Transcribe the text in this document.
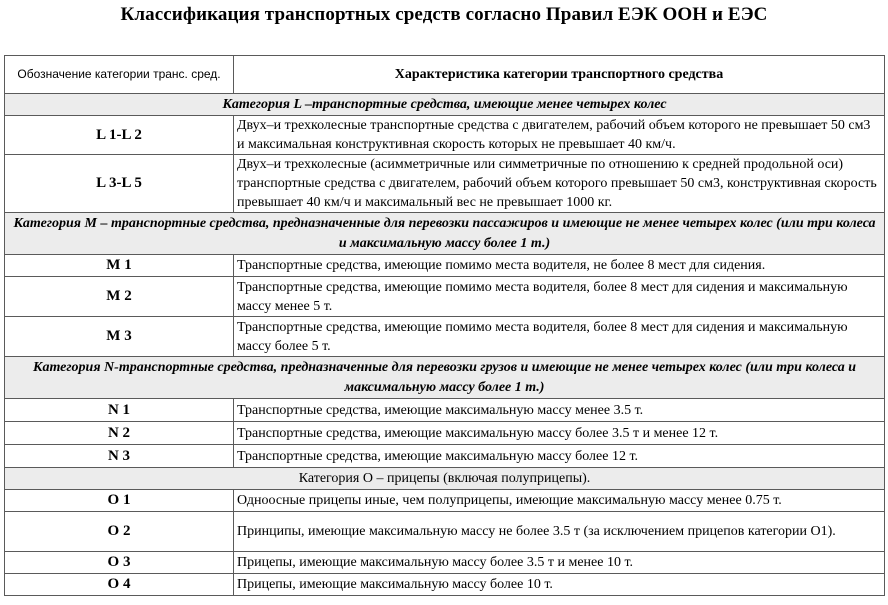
Классификация транспортных средств согласно Правил ЕЭК ООН и ЕЭС
Обозначение категории транс. сред.	Характеристика категории транспортного средства
Категория L –транспортные средства, имеющие менее четырех колес	
L 1-L 2	Двух–и трехколесные транспортные средства с двигателем, рабочий объем которого не превышает 50 см3 и максимальная конструктивная скорость которых не превышает 40 км/ч.
L 3-L 5	Двух–и трехколесные (асимметричные или симметричные по отношению к средней продольной оси) транспортные средства с двигателем, рабочий объем которого превышает 50 см3, конструктивная скорость превышает 40 км/ч и максимальный вес не превышает 1000 кг.
Категория М – транспортные средства, предназначенные для перевозки пассажиров и имеющие не менее четырех колес (или три колеса и максимальную массу более 1 т.)	
М 1	Транспортные средства, имеющие помимо места водителя, не более 8 мест для сидения.
М 2	Транспортные средства, имеющие помимо места водителя, более 8 мест для сидения и максимальную массу менее 5 т.
М 3	Транспортные средства, имеющие помимо места водителя, более 8 мест для сидения и максимальную массу более 5 т.
Категория N-транспортные средства, предназначенные для перевозки грузов и имеющие не менее четырех колес (или три колеса и максимальную массу более 1 т.)	
N 1	Транспортные средства, имеющие максимальную массу менее 3.5 т.
N 2	Транспортные средства, имеющие максимальную массу более 3.5 т и менее 12 т.
N 3	Транспортные средства, имеющие максимальную массу более 12 т.
Категория О – прицепы (включая полуприцепы).	
О 1	Одноосные прицепы иные, чем полуприцепы, имеющие максимальную массу менее 0.75 т.
О 2	Принципы, имеющие максимальную массу не более 3.5 т (за исключением прицепов категории О1).
О 3	Прицепы, имеющие максимальную массу более 3.5 т и менее 10 т.
О 4	Прицепы, имеющие максимальную массу более 10 т.
